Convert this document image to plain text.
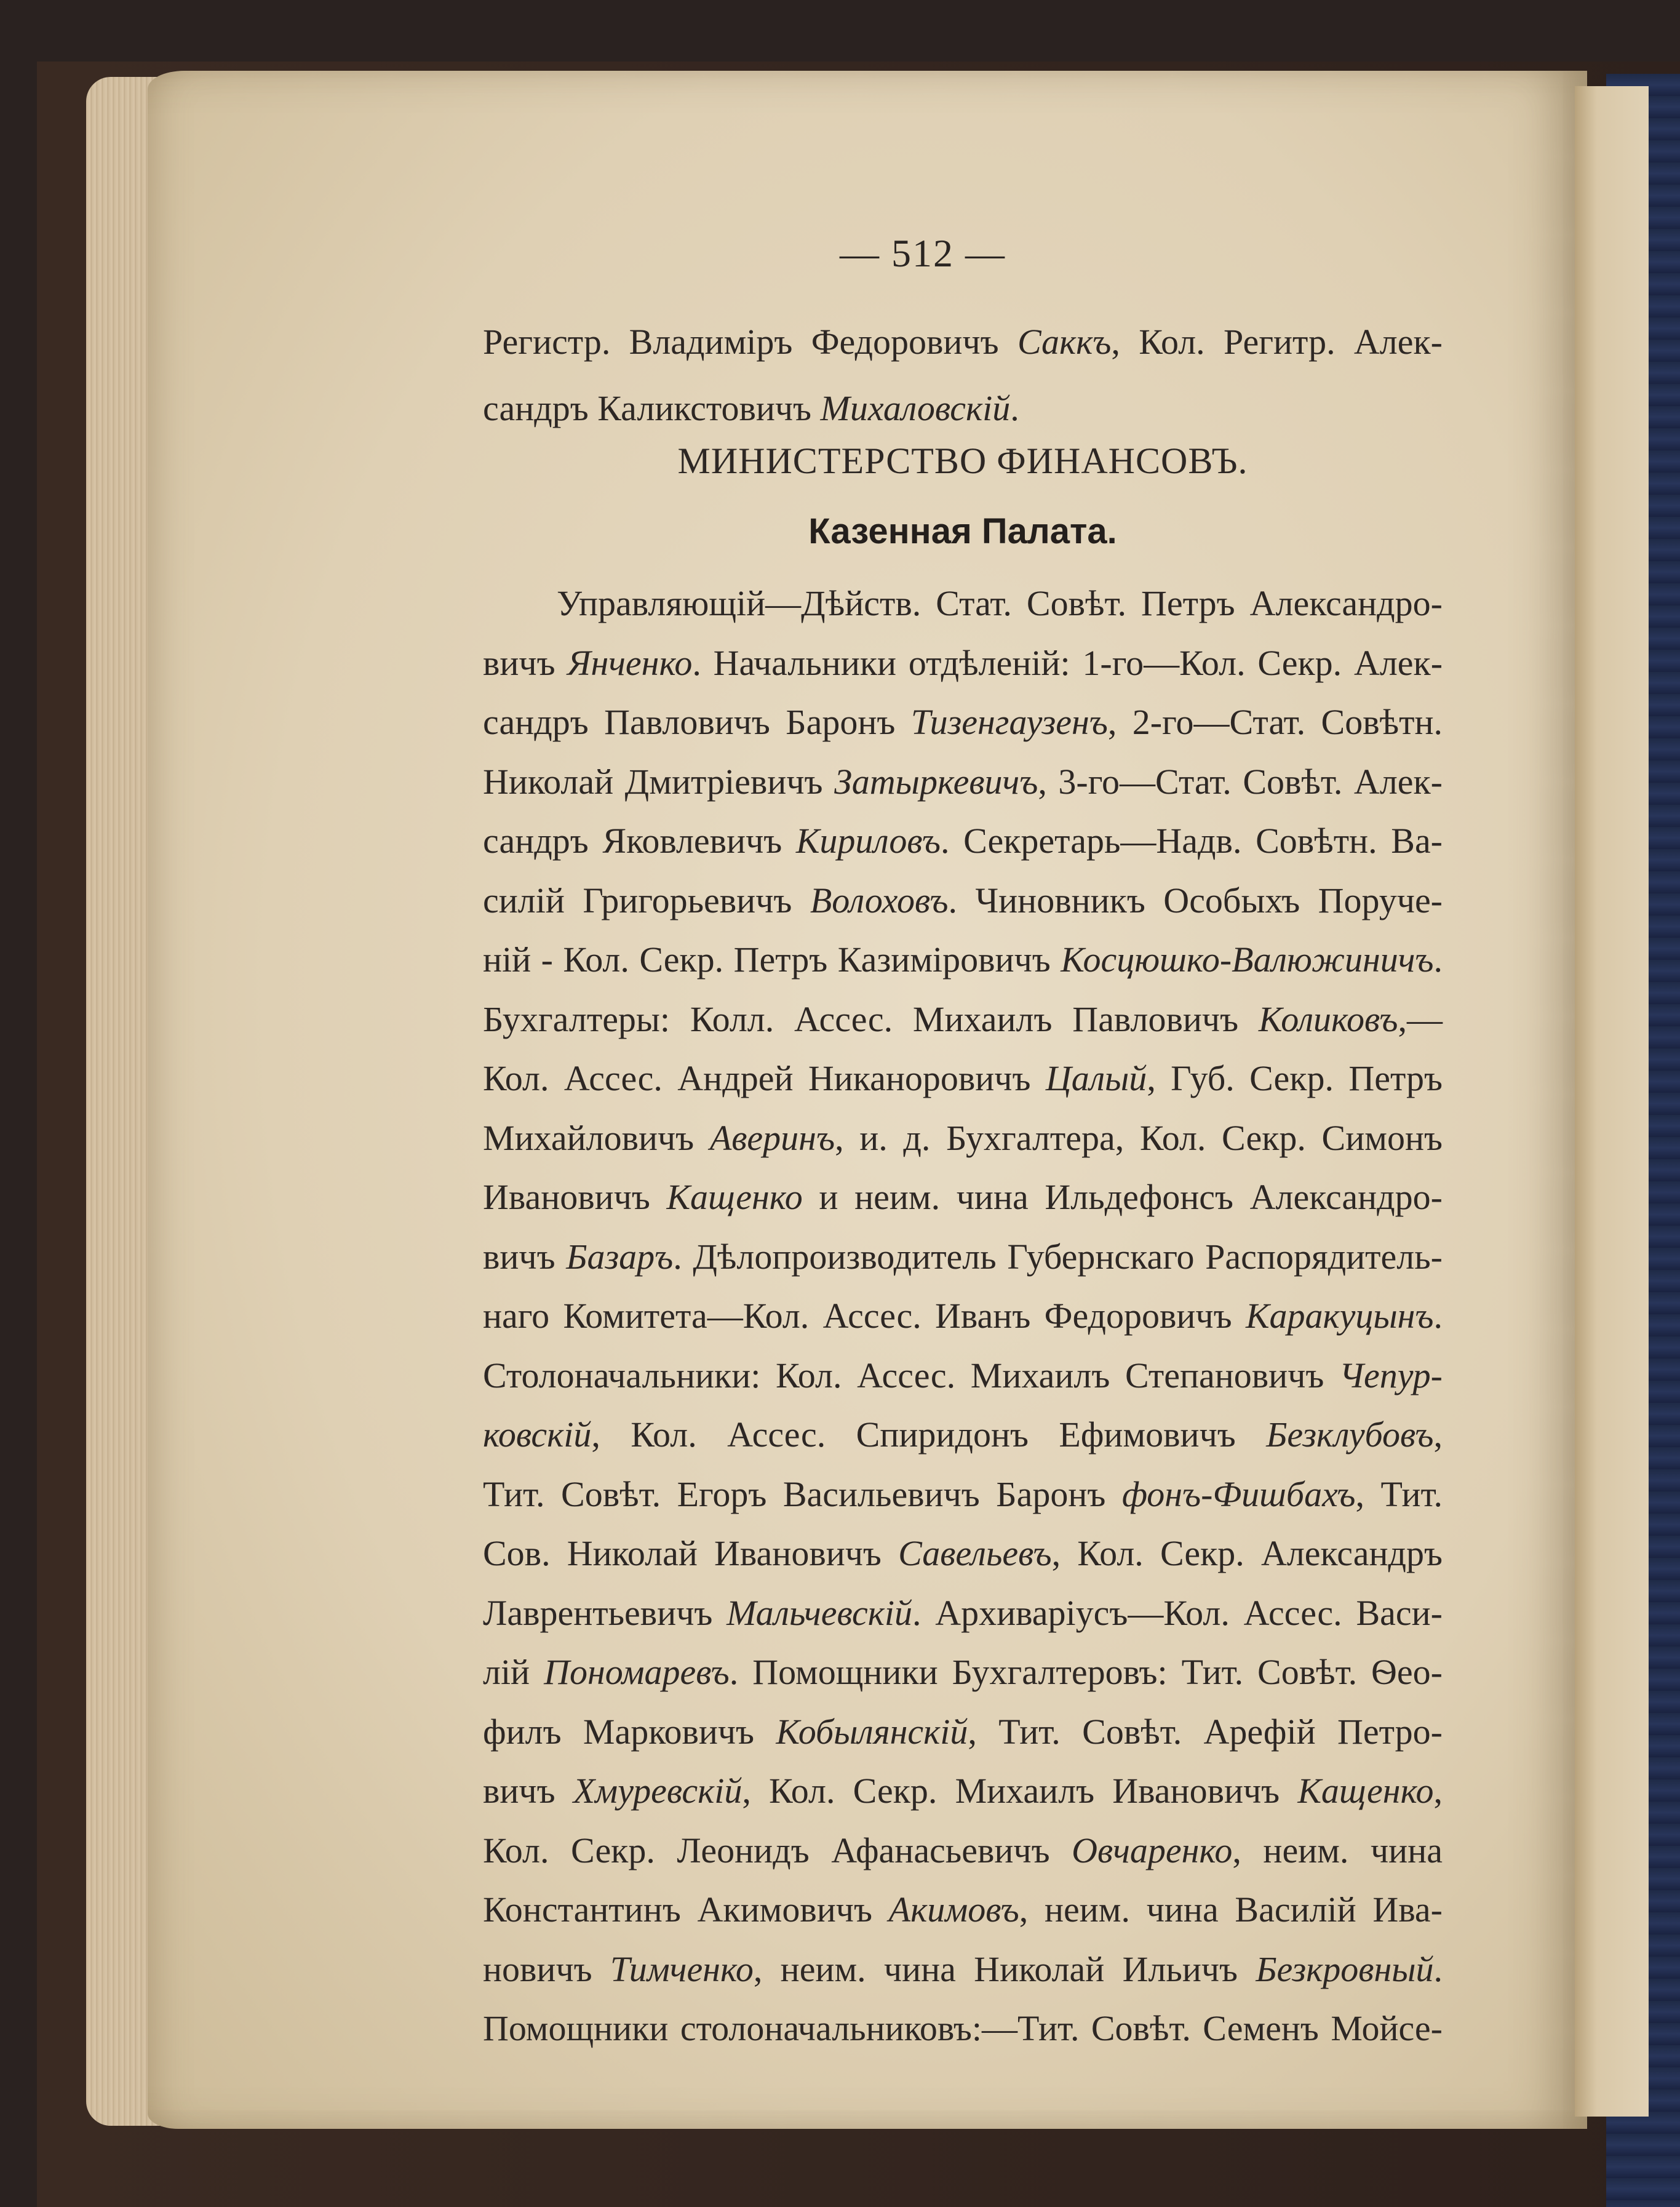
— 512 —
Регистр. Владиміръ Федоровичъ Саккъ, Кол. Регитр. Алек-
сандръ Каликстовичъ Михаловскій.
МИНИСТЕРСТВО ФИНАНСОВЪ.
Казенная Палата.
Управляющій—Дѣйств. Стат. Совѣт. Петръ Александро-
вичъ Янченко. Начальники отдѣленій: 1-го—Кол. Секр. Алек-
сандръ Павловичъ Баронъ Тизенгаузенъ, 2-го—Стат. Совѣтн.
Николай Дмитріевичъ Затыркевичъ, 3-го—Стат. Совѣт. Алек-
сандръ Яковлевичъ Кириловъ. Секретарь—Надв. Совѣтн. Ва-
силій Григорьевичъ Волоховъ. Чиновникъ Особыхъ Поруче-
ній - Кол. Секр. Петръ Казиміровичъ Косцюшко-Валюжиничъ.
Бухгалтеры: Колл. Ассес. Михаилъ Павловичъ Коликовъ,—
Кол. Ассес. Андрей Никаноровичъ Цалый, Губ. Секр. Петръ
Михайловичъ Аверинъ, и. д. Бухгалтера, Кол. Секр. Симонъ
Ивановичъ Кащенко и неим. чина Ильдефонсъ Александро-
вичъ Базаръ. Дѣлопроизводитель Губернскаго Распорядитель-
наго Комитета—Кол. Ассес. Иванъ Федоровичъ Каракуцынъ.
Столоначальники: Кол. Ассес. Михаилъ Степановичъ Чепур-
ковскій, Кол. Ассес. Спиридонъ Ефимовичъ Безклубовъ,
Тит. Совѣт. Егоръ Васильевичъ Баронъ фонъ-Фишбахъ, Тит.
Сов. Николай Ивановичъ Савельевъ, Кол. Секр. Александръ
Лаврентьевичъ Мальчевскій. Архиваріусъ—Кол. Ассес. Васи-
лій Пономаревъ. Помощники Бухгалтеровъ: Тит. Совѣт. Ѳео-
филъ Марковичъ Кобылянскій, Тит. Совѣт. Арефій Петро-
вичъ Хмуревскій, Кол. Секр. Михаилъ Ивановичъ Кащенко,
Кол. Секр. Леонидъ Афанасьевичъ Овчаренко, неим. чина
Константинъ Акимовичъ Акимовъ, неим. чина Василій Ива-
новичъ Тимченко, неим. чина Николай Ильичъ Безкровный.
Помощники столоначальниковъ:—Тит. Совѣт. Семенъ Мойсе-
